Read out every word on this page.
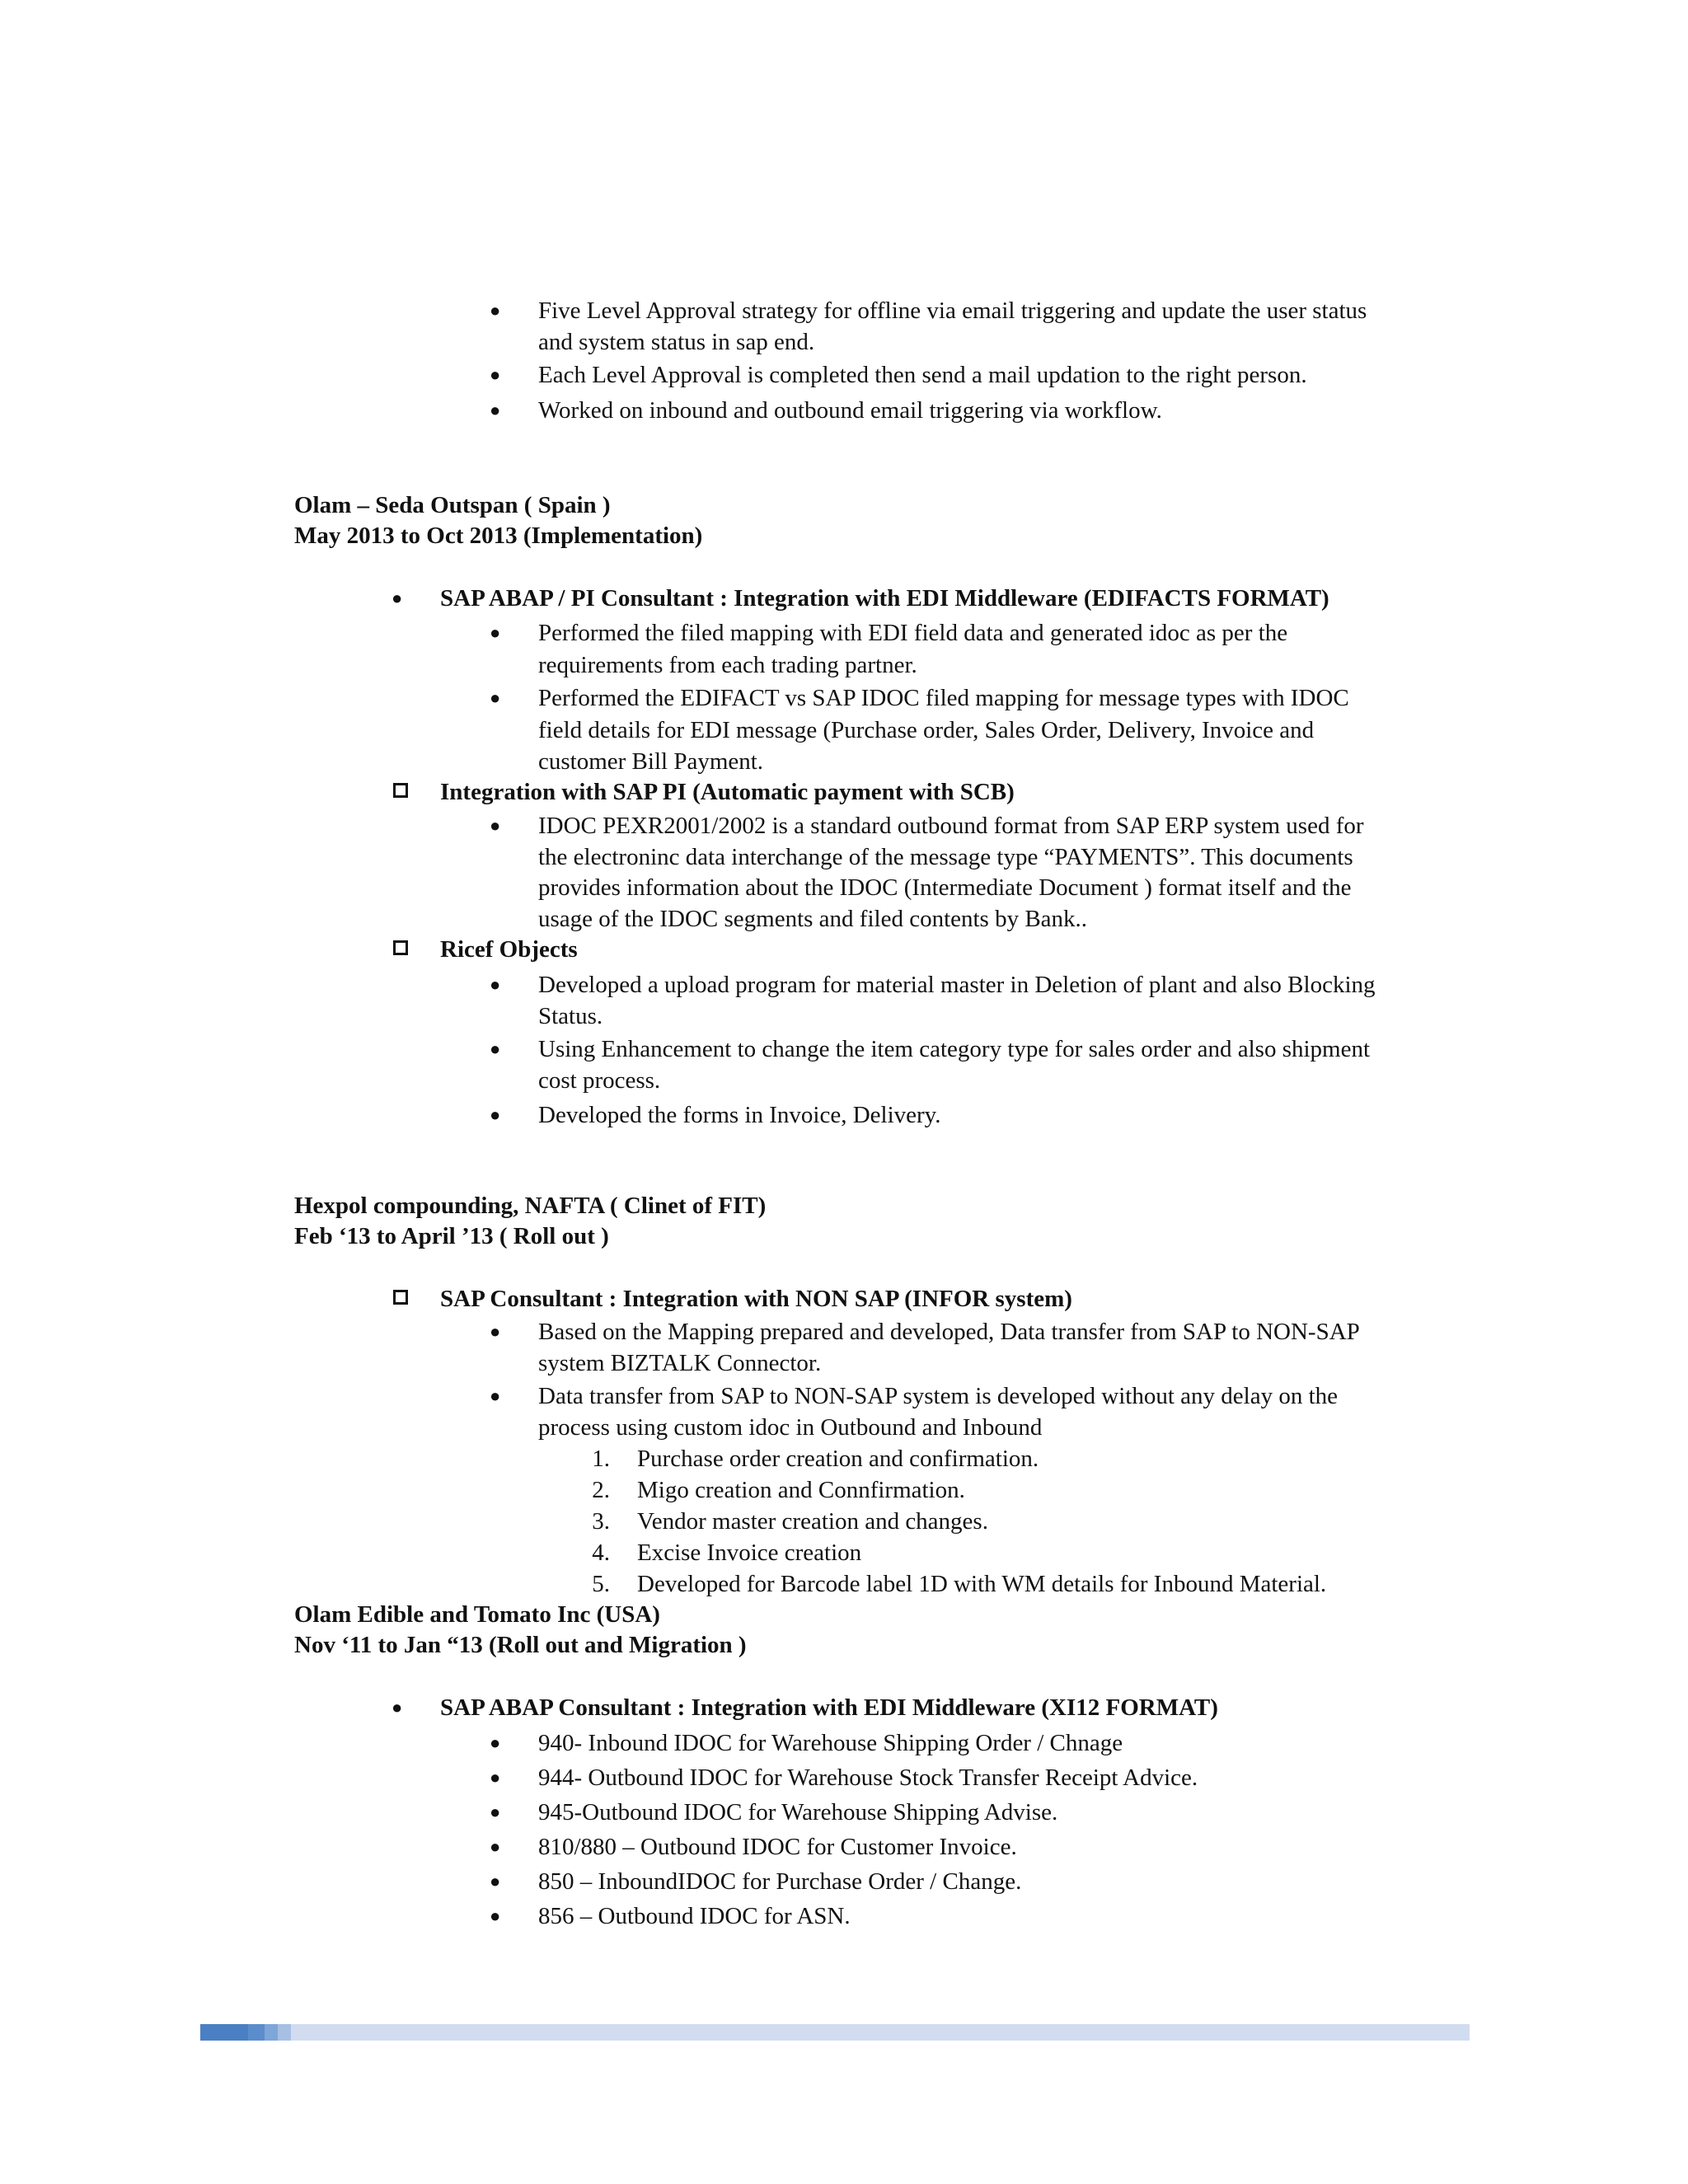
● Five Level Approval strategy for offline via email triggering and update the user status
and system status in sap end.
● Each Level Approval is completed then send a mail updation to the right person.
● Worked on inbound and outbound email triggering via workflow.
Olam – Seda Outspan ( Spain )
May 2013 to Oct 2013 (Implementation)
● SAP ABAP / PI Consultant : Integration with EDI Middleware (EDIFACTS FORMAT)
● Performed the filed mapping with EDI field data and generated idoc as per the
requirements from each trading partner.
● Performed the EDIFACT vs SAP IDOC filed mapping for message types with IDOC
field details for EDI message (Purchase order, Sales Order, Delivery, Invoice and
customer Bill Payment.
Integration with SAP PI (Automatic payment with SCB)
● IDOC PEXR2001/2002 is a standard outbound format from SAP ERP system used for
the electroninc data interchange of the message type “PAYMENTS”. This documents
provides information about the IDOC (Intermediate Document ) format itself and the
usage of the IDOC segments and filed contents by Bank..
Ricef Objects
● Developed a upload program for material master in Deletion of plant and also Blocking
Status.
● Using Enhancement to change the item category type for sales order and also shipment
cost process.
● Developed the forms in Invoice, Delivery.
Hexpol compounding, NAFTA ( Clinet of FIT)
Feb ‘13 to April ’13 ( Roll out )
SAP Consultant : Integration with NON SAP (INFOR system)
● Based on the Mapping prepared and developed, Data transfer from SAP to NON-SAP
system BIZTALK Connector.
● Data transfer from SAP to NON-SAP system is developed without any delay on the
process using custom idoc in Outbound and Inbound
1. Purchase order creation and confirmation.
2. Migo creation and Connfirmation.
3. Vendor master creation and changes.
4. Excise Invoice creation
5. Developed for Barcode label 1D with WM details for Inbound Material.
Olam Edible and Tomato Inc (USA)
Nov ‘11 to Jan “13 (Roll out and Migration )
● SAP ABAP Consultant : Integration with EDI Middleware (XI12 FORMAT)
● 940- Inbound IDOC for Warehouse Shipping Order / Chnage
● 944- Outbound IDOC for Warehouse Stock Transfer Receipt Advice.
● 945-Outbound IDOC for Warehouse Shipping Advise.
● 810/880 – Outbound IDOC for Customer Invoice.
● 850 – InboundIDOC for Purchase Order / Change.
● 856 – Outbound IDOC for ASN.
